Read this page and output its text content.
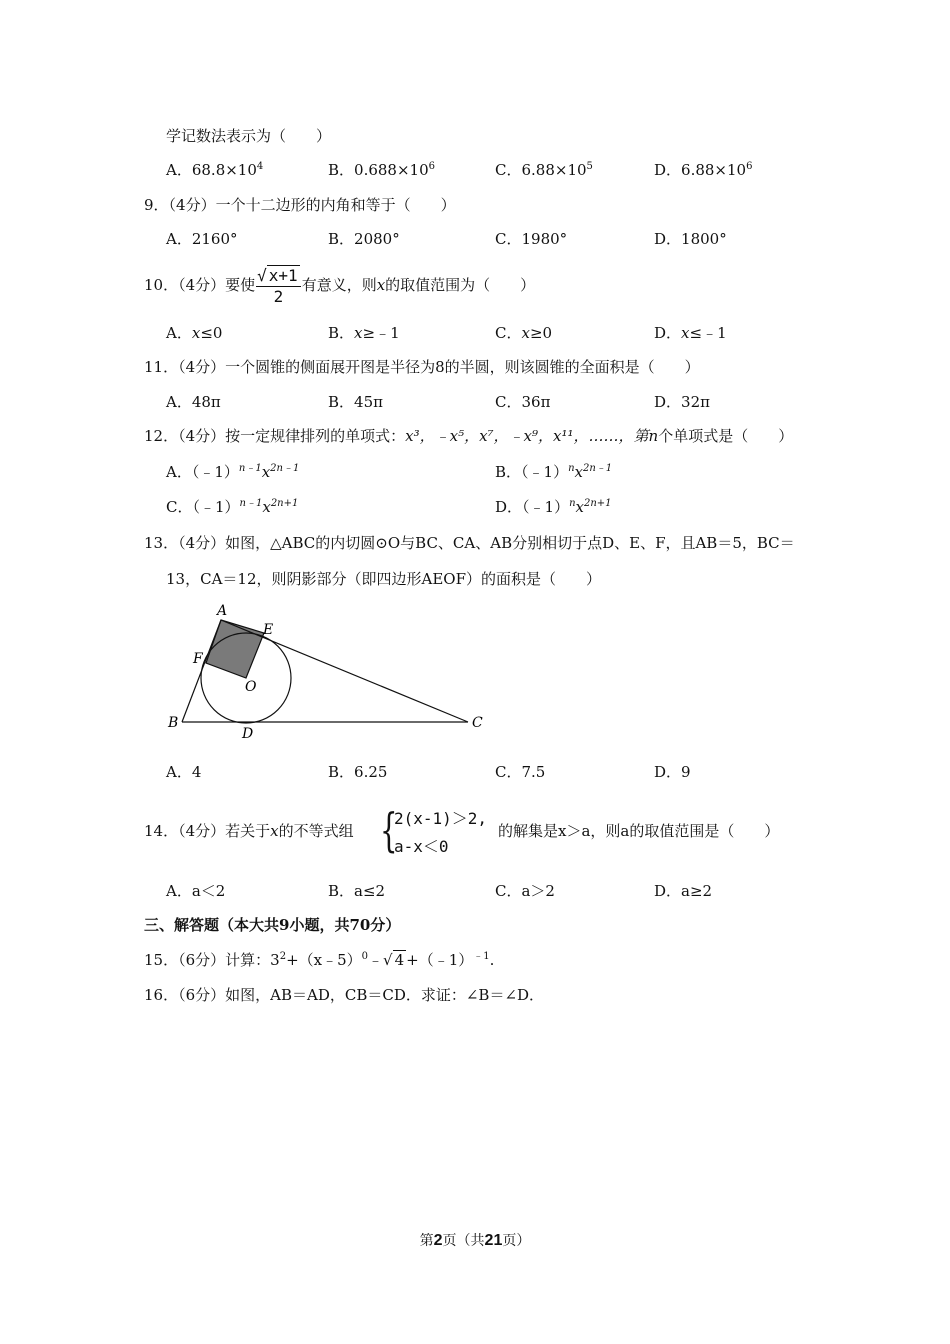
学记数法表示为（　　）
A．$68.8\times 10^4$	B．$0.688\times 10^6$	C．$6.88\times 10^5$	D．$6.88\times 10^6$
9．（4分）一个十二边形的内角和等于（　　）
A．2160°	B．2080°	C．1980°	D．1800°
10．（4分）要使 $\frac{√ x+1}{2}$ 有意义，则x的取值范围为（　　）
A．x≤0	B．x≥﹣1	C．x≥0	D．x≤﹣1
11．（4分）一个圆锥的侧面展开图是半径为8的半圆，则该圆锥的全面积是（　　）
A．48π	B．45π	C．36π	D．32π
12．（4分）按一定规律排列的单项式：x³，﹣x⁵，x⁷，﹣x⁹，x¹¹，……，第n个单项式是（　　）
A．$(﹣1)^{n﹣1}x^{2n﹣1}$	B．$(﹣1)^nx^{2n﹣1}$
C．$(﹣1)^{n﹣1}x^{2n+1}$	D．$(﹣1)^nx^{2n+1}$
13．（4分）如图，△ABC的内切圆⊙O与BC、CA、AB分别相切于点D、E、F，且AB＝5，BC＝
13，CA＝12，则阴影部分（即四边形AEOF）的面积是（　　）
A
E
F
O
B
D
C
A．4	B．6.25	C．7.5	D．9
14．（4分）若关于x的不等式组 {
2(x-1)＞2,
a-x＜0
的解集是x＞a，则a的取值范围是（　　）
A．a＜2	B．a≤2	C．a＞2	D．a≥2
三、解答题（本大共9小题，共70分）
15．（6分）计算：$3^2+(x﹣5)^0﹣√$ 4 +（﹣1）$^{﹣1}$.
16．（6分）如图，AB＝AD，CB＝CD．求证：∠B＝∠D．
第2页（共21页）
